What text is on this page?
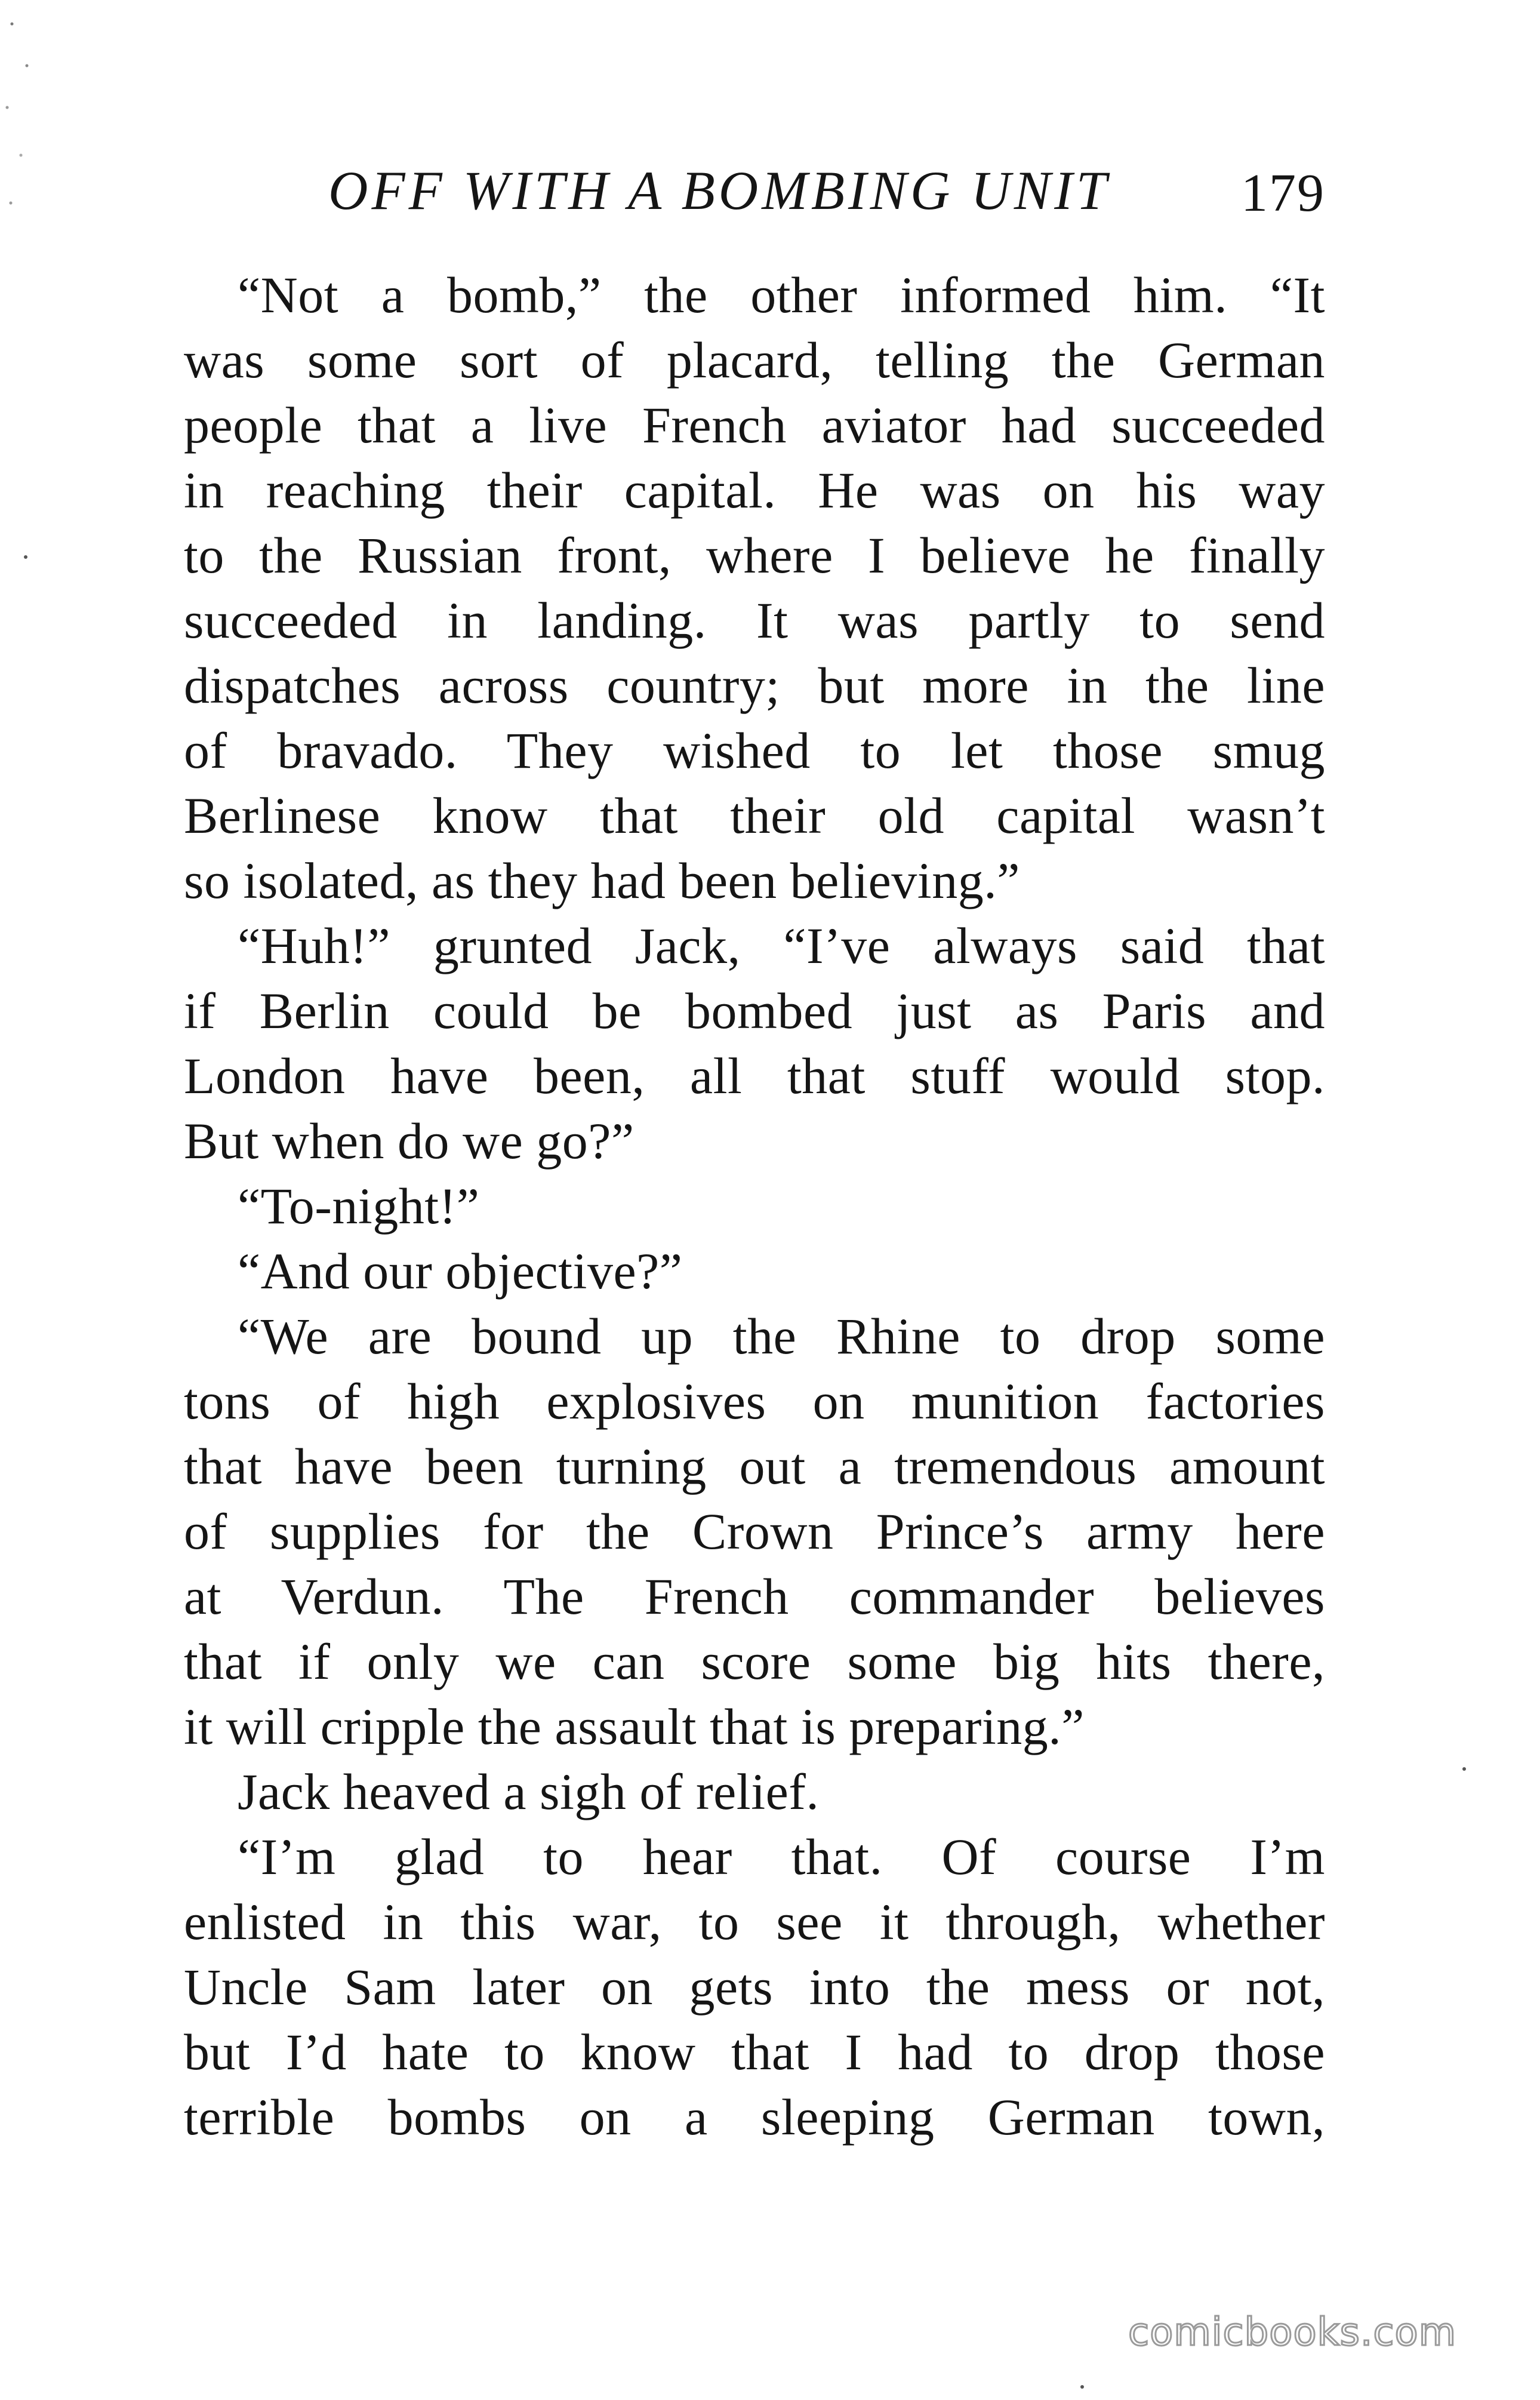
OFF WITH A BOMBING UNIT 179
“Not a bomb,” the other informed him. “It
was some sort of placard, telling the German
people that a live French aviator had succeeded
in reaching their capital. He was on his way
to the Russian front, where I believe he finally
succeeded in landing. It was partly to send
dispatches across country; but more in the line
of bravado. They wished to let those smug
Berlinese know that their old capital wasn’t
so isolated, as they had been believing.”
“Huh!” grunted Jack, “I’ve always said that
if Berlin could be bombed just as Paris and
London have been, all that stuff would stop.
But when do we go?”
“To-night!”
“And our objective?”
“We are bound up the Rhine to drop some
tons of high explosives on munition factories
that have been turning out a tremendous amount
of supplies for the Crown Prince’s army here
at Verdun. The French commander believes
that if only we can score some big hits there,
it will cripple the assault that is preparing.”
Jack heaved a sigh of relief.
“I’m glad to hear that. Of course I’m
enlisted in this war, to see it through, whether
Uncle Sam later on gets into the mess or not,
but I’d hate to know that I had to drop those
terrible bombs on a sleeping German town,
comicbooks.com
